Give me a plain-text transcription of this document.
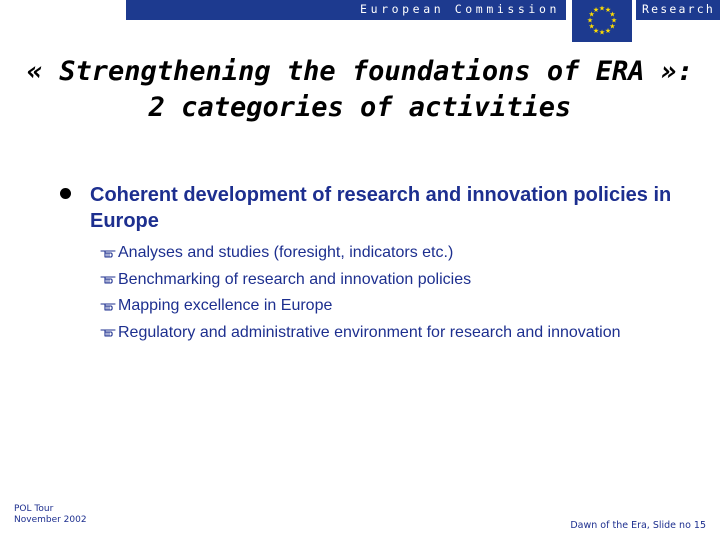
European Commission	★ ★
★
★
★
★
★
★
★
★
★
★	Research
« Strengthening the foundations of ERA »:
2 categories of activities
Coherent development of research and innovation policies in Europe
Analyses and studies (foresight, indicators etc.)
Benchmarking of research and innovation policies
Mapping excellence in Europe
Regulatory and administrative environment for research and innovation
POL Tour
November 2002	Dawn of the Era, Slide no 15
